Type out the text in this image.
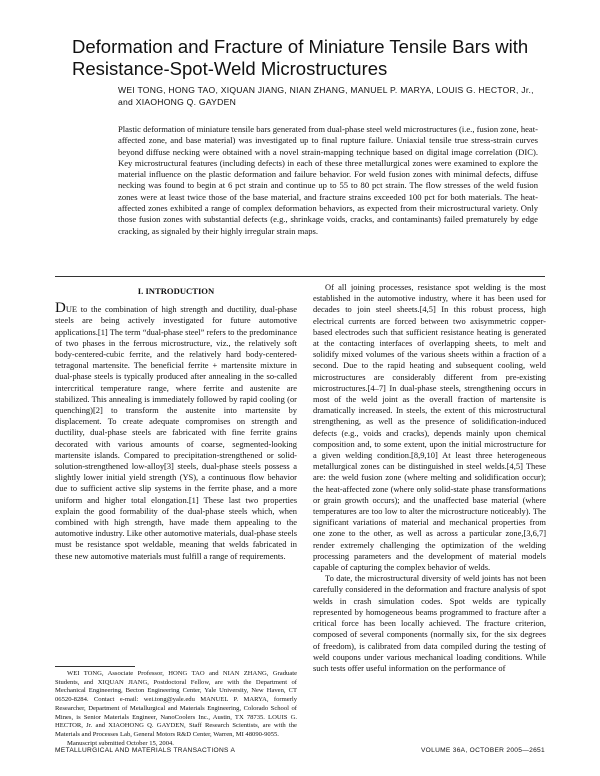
Deformation and Fracture of Miniature Tensile Bars with Resistance-Spot-Weld Microstructures
WEI TONG, HONG TAO, XIQUAN JIANG, NIAN ZHANG, MANUEL P. MARYA, LOUIS G. HECTOR, Jr., and XIAOHONG Q. GAYDEN

Plastic deformation of miniature tensile bars generated from dual-phase steel weld microstructures (i.e., fusion zone, heat-affected zone, and base material) was investigated up to final rupture failure. Uniaxial tensile true stress-strain curves beyond diffuse necking were obtained with a novel strain-mapping technique based on digital image correlation (DIC). Key microstructural features (including defects) in each of these three metallurgical zones were examined to explore the material influence on the plastic deformation and failure behavior. For weld fusion zones with minimal defects, diffuse necking was found to begin at 6 pct strain and continue up to 55 to 80 pct strain. The flow stresses of the weld fusion zones were at least twice those of the base material, and fracture strains exceeded 100 pct for both materials. The heat-affected zones exhibited a range of complex deformation behaviors, as expected from their microstructural variety. Only those fusion zones with substantial defects (e.g., shrinkage voids, cracks, and contaminants) failed prematurely by edge cracking, as signaled by their highly irregular strain maps.

I. INTRODUCTION

DUE to the combination of high strength and ductility, dual-phase steels are being actively investigated for future automotive applications.[1] The term “dual-phase steel” refers to the predominance of two phases in the ferrous microstructure, viz., the relatively soft body-centered-cubic ferrite, and the relatively hard body-centered-tetragonal martensite. The beneficial ferrite + martensite mixture in dual-phase steels is typically produced after annealing in the so-called intercritical temperature range, where ferrite and austenite are stabilized. This annealing is immediately followed by rapid cooling (or quenching)[2] to transform the austenite into martensite by displacement. To create adequate compromises on strength and ductility, dual-phase steels are fabricated with fine ferrite grains decorated with various amounts of coarse, segmented-looking martensite islands. Compared to precipitation-strengthened or solid-solution-strengthened low-alloy[3] steels, dual-phase steels possess a slightly lower initial yield strength (YS), a continuous flow behavior due to sufficient active slip systems in the ferrite phase, and a more uniform and higher total elongation.[1] These last two properties explain the good formability of the dual-phase steels which, when combined with high strength, have made them appealing to the automotive industry. Like other automotive materials, dual-phase steels must be resistance spot weldable, meaning that welds fabricated in these new automotive materials must fulfill a range of requirements.

WEI TONG, Associate Professor, HONG TAO and NIAN ZHANG, Graduate Students, and XIQUAN JIANG, Postdoctoral Fellow, are with the Department of Mechanical Engineering, Becton Engineering Center, Yale University, New Haven, CT 06520-8284. Contact e-mail: wei.tong@yale.edu MANUEL P. MARYA, formerly Researcher, Department of Metallurgical and Materials Engineering, Colorado School of Mines, is Senior Materials Engineer, NanoCoolers Inc., Austin, TX 78735. LOUIS G. HECTOR, Jr. and XIAOHONG Q. GAYDEN, Staff Research Scientists, are with the Materials and Processes Lab, General Motors R&D Center, Warren, MI 48090-9055.

Manuscript submitted October 15, 2004.

Of all joining processes, resistance spot welding is the most established in the automotive industry, where it has been used for decades to join steel sheets.[4,5] In this robust process, high electrical currents are forced between two axisymmetric copper-based electrodes such that sufficient resistance heating is generated at the contacting interfaces of overlapping sheets, to melt and solidify mixed volumes of the various sheets within a fraction of a second. Due to the rapid heating and subsequent cooling, weld microstructures are considerably different from pre-existing microstructures.[4–7] In dual-phase steels, strengthening occurs in most of the weld joint as the overall fraction of martensite is dramatically increased. In steels, the extent of this microstructural strengthening, as well as the presence of solidification-induced defects (e.g., voids and cracks), depends mainly upon chemical composition and, to some extent, upon the initial microstructure for a given welding condition.[8,9,10] At least three heterogeneous metallurgical zones can be distinguished in steel welds.[4,5] These are: the weld fusion zone (where melting and solidification occur); the heat-affected zone (where only solid-state phase transformations or grain growth occurs); and the unaffected base material (where temperatures are too low to alter the microstructure noticeably). The significant variations of material and mechanical properties from one zone to the other, as well as across a particular zone,[3,6,7] render extremely challenging the optimization of the welding processing parameters and the development of material models capable of capturing the complex behavior of welds.

To date, the microstructural diversity of weld joints has not been carefully considered in the deformation and fracture analysis of spot welds in crash simulation codes. Spot welds are typically represented by homogeneous beams programmed to fracture after a critical force has been locally achieved. The fracture criterion, composed of several components (normally six, for the six degrees of freedom), is calibrated from data compiled during the testing of weld coupons under various mechanical loading conditions. While such tests offer useful information on the performance of

METALLURGICAL AND MATERIALS TRANSACTIONS A	VOLUME 36A, OCTOBER 2005—2651
